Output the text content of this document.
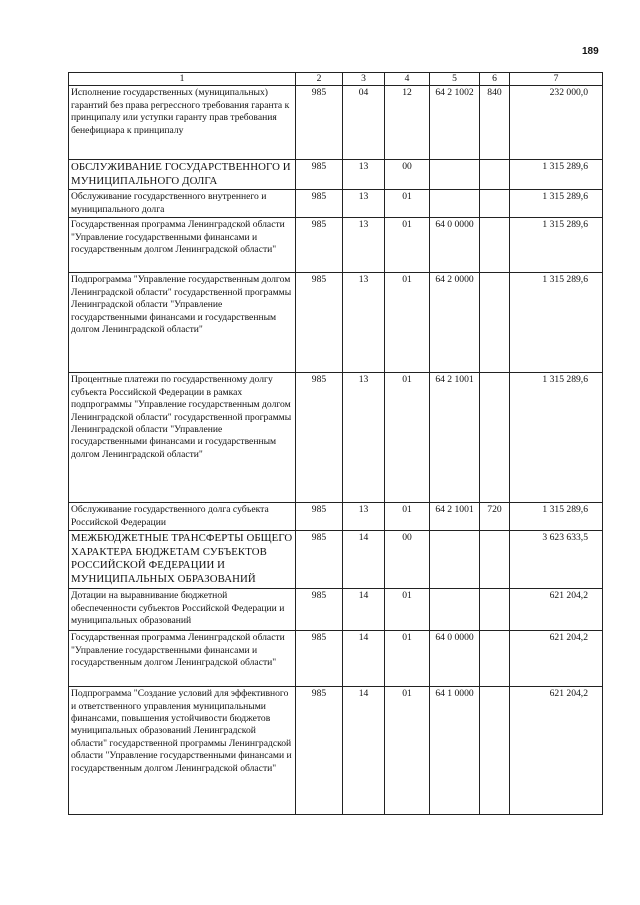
189
1	2	3	4	5	6	7
Исполнение государственных (муниципальных) гарантий без права регрессного требования гаранта к принципалу или уступки гаранту прав требования бенефициара к принципалу	985	04	12	64 2 1002	840	232 000,0
ОБСЛУЖИВАНИЕ ГОСУДАРСТВЕННОГО И МУНИЦИПАЛЬНОГО ДОЛГА	985	13	00			1 315 289,6
Обслуживание государственного внутреннего и муниципального долга	985	13	01			1 315 289,6
Государственная программа Ленинградской области "Управление государственными финансами и государственным долгом Ленинградской области"	985	13	01	64 0 0000		1 315 289,6
Подпрограмма "Управление государственным долгом Ленинградской области" государственной программы Ленинградской области "Управление государственными финансами и государственным долгом Ленинградской области"	985	13	01	64 2 0000		1 315 289,6
Процентные платежи по государственному долгу субъекта Российской Федерации в рамках подпрограммы "Управление государственным долгом Ленинградской области" государственной программы Ленинградской области "Управление государственными финансами и государственным долгом Ленинградской области"	985	13	01	64 2 1001		1 315 289,6
Обслуживание государственного долга субъекта Российской Федерации	985	13	01	64 2 1001	720	1 315 289,6
МЕЖБЮДЖЕТНЫЕ ТРАНСФЕРТЫ ОБЩЕГО ХАРАКТЕРА БЮДЖЕТАМ СУБЪЕКТОВ РОССИЙСКОЙ ФЕДЕРАЦИИ И МУНИЦИПАЛЬНЫХ ОБРАЗОВАНИЙ	985	14	00			3 623 633,5
Дотации на выравнивание бюджетной обеспеченности субъектов Российской Федерации и муниципальных образований	985	14	01			621 204,2
Государственная программа Ленинградской области "Управление государственными финансами и государственным долгом Ленинградской области"	985	14	01	64 0 0000		621 204,2
Подпрограмма "Создание условий для эффективного и ответственного управления муниципальными финансами, повышения устойчивости бюджетов муниципальных образований Ленинградской области" государственной программы Ленинградской области "Управление государственными финансами и государственным долгом Ленинградской области"	985	14	01	64 1 0000		621 204,2
